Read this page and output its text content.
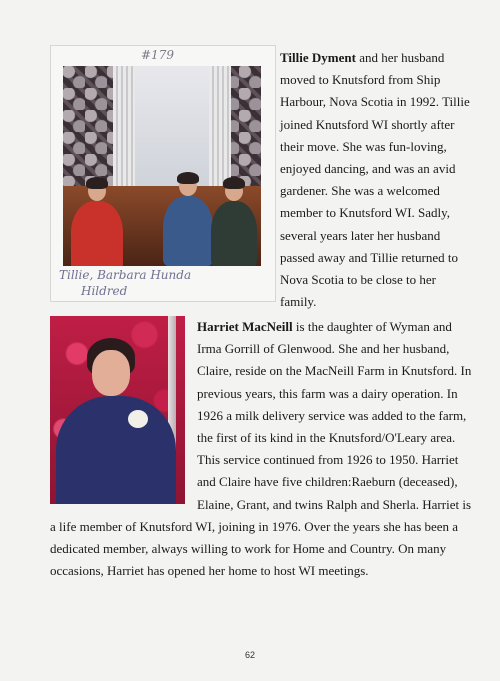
#179
Tillie, Barbara Hunda
Hildred
Tillie Dyment and her husband
moved to Knutsford from Ship
Harbour, Nova Scotia in 1992. Tillie
joined Knutsford WI shortly after
their move. She was fun-loving,
enjoyed dancing, and was an avid
gardener. She was a welcomed
member to Knutsford WI. Sadly,
several years later her husband
passed away and Tillie returned to
Nova Scotia to be close to her
family.
Harriet MacNeill is the daughter of Wyman and
Irma Gorrill of Glenwood. She and her husband,
Claire, reside on the MacNeill Farm in Knutsford. In
previous years, this farm was a dairy operation. In
1926 a milk delivery service was added to the farm,
the first of its kind in the Knutsford/O'Leary area.
This service continued from 1926 to 1950. Harriet
and Claire have five children:Raeburn (deceased),
Elaine, Grant, and twins Ralph and Sherla. Harriet is
a life member of Knutsford WI, joining in 1976. Over the years she has been a
dedicated member, always willing to work for Home and Country. On many
occasions, Harriet has opened her home to host WI meetings.
62
